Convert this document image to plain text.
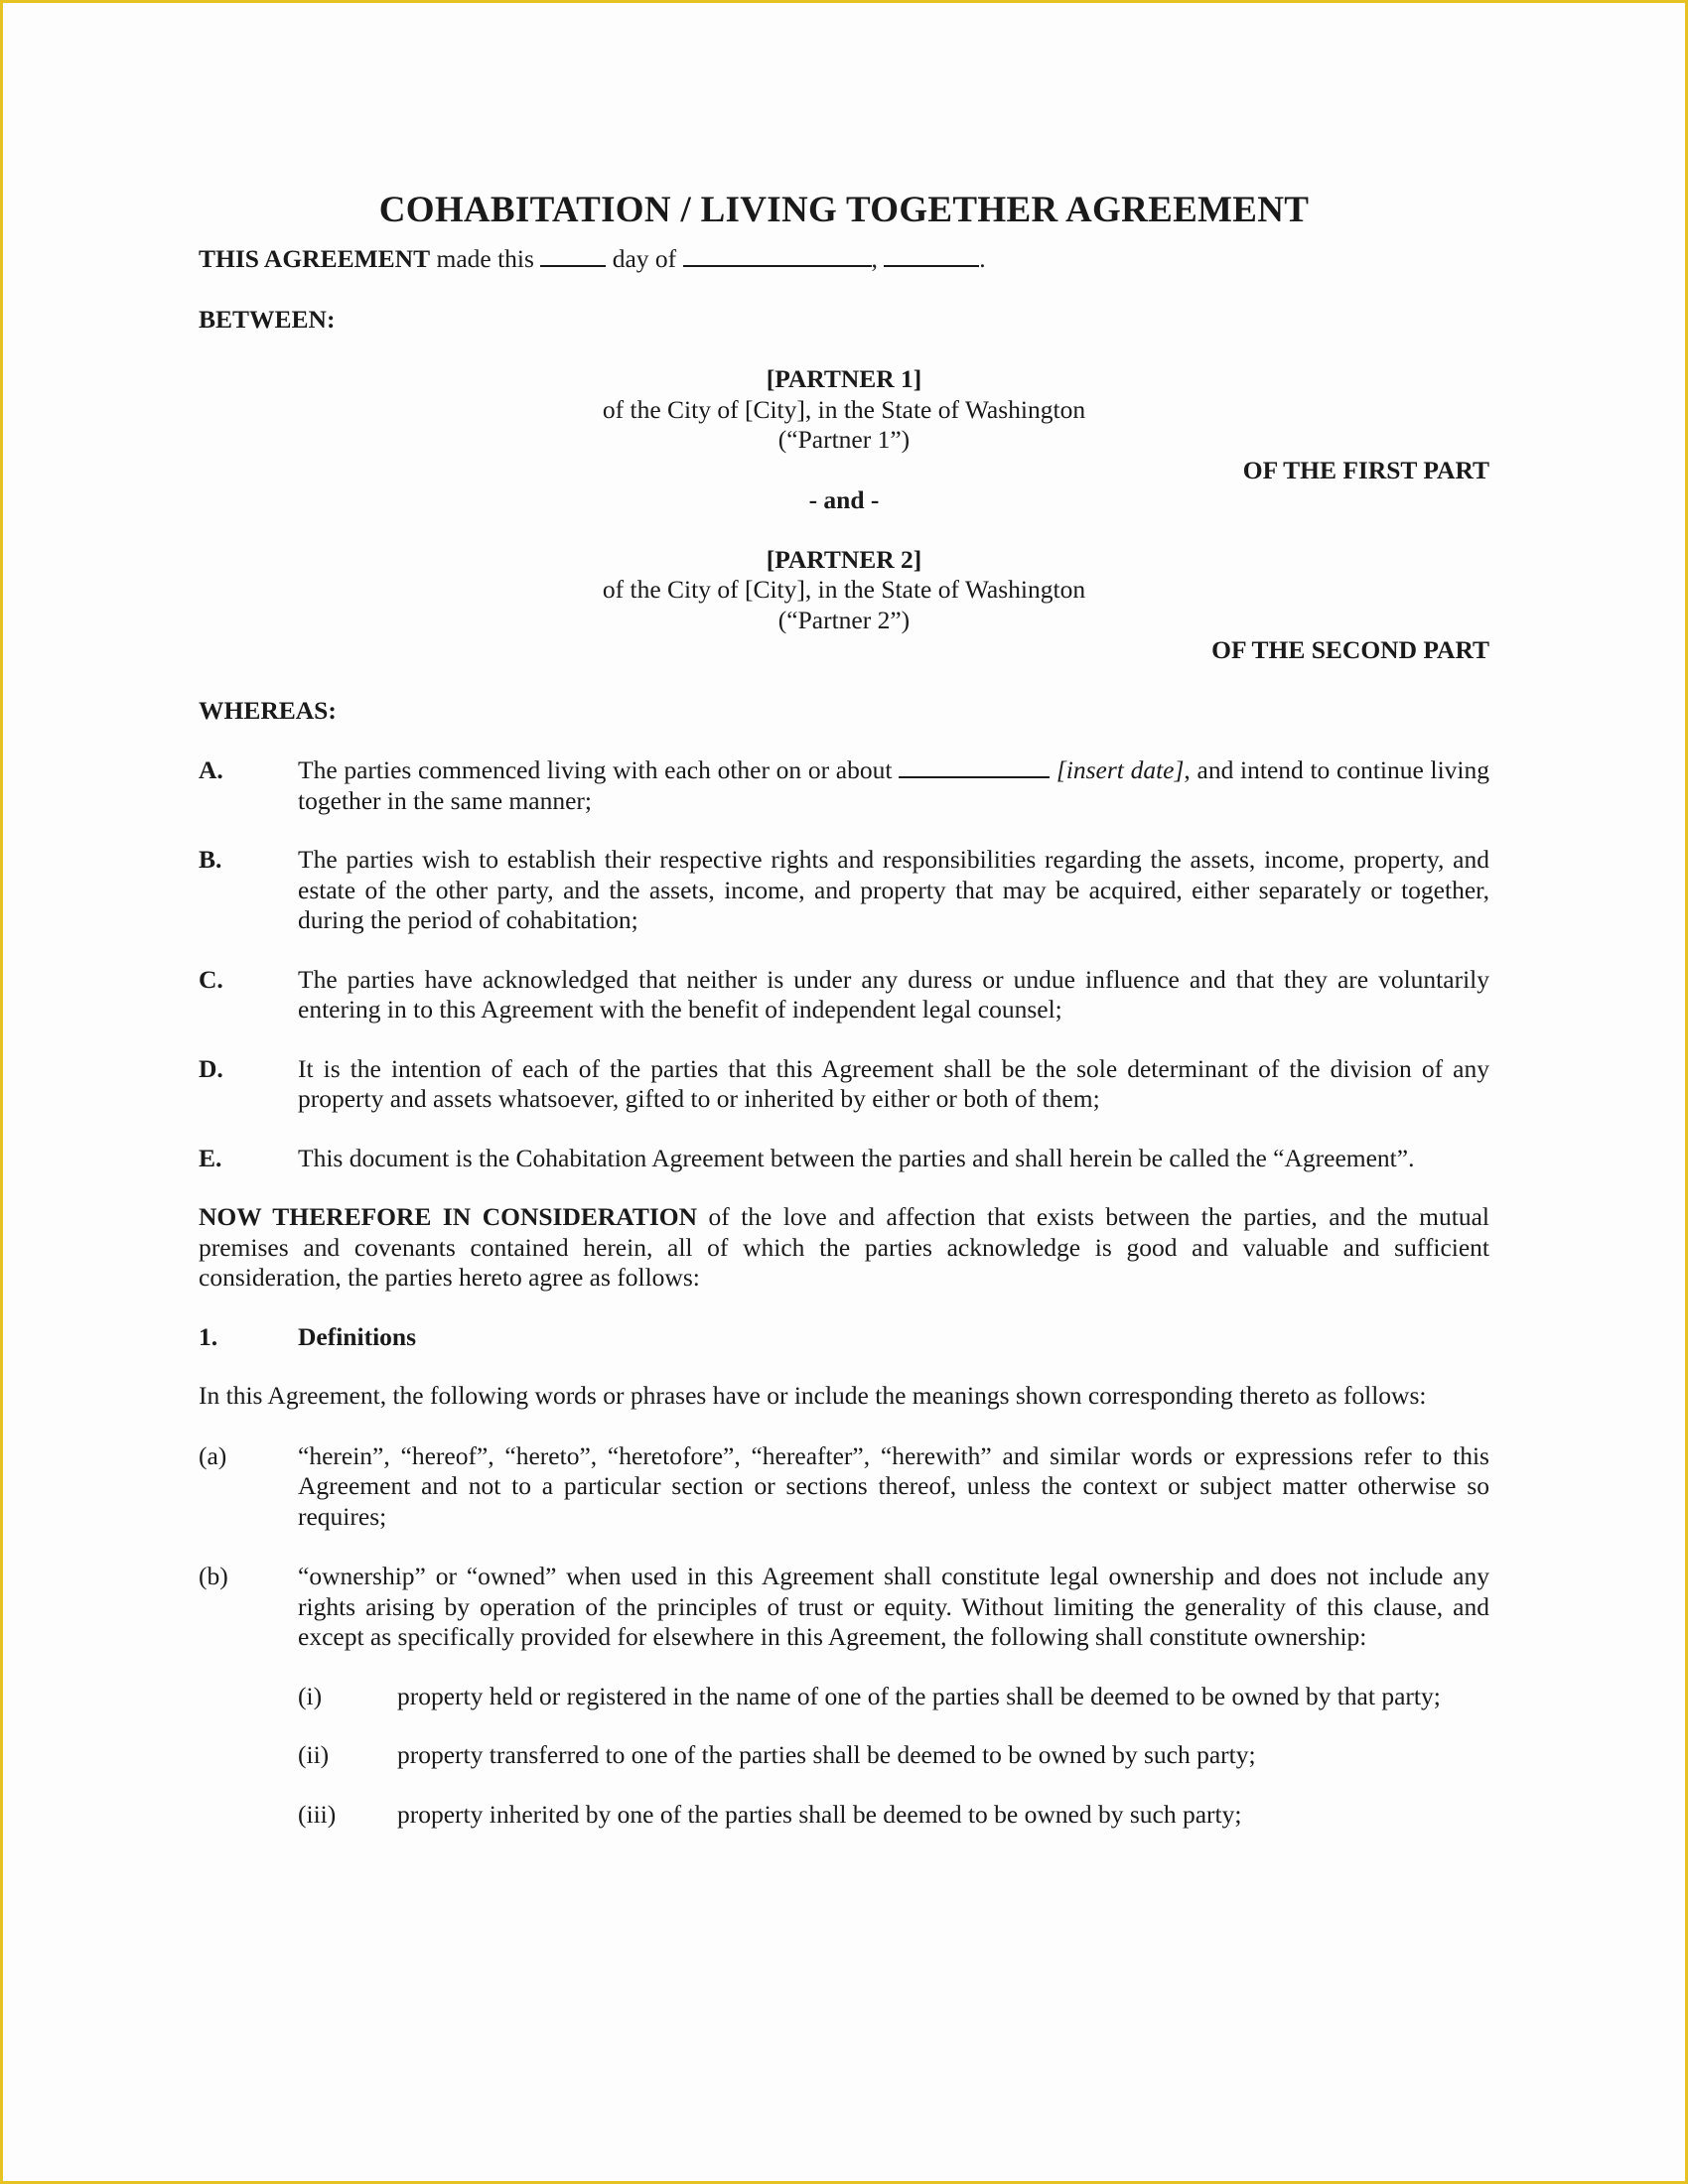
COHABITATION / LIVING TOGETHER AGREEMENT

THIS AGREEMENT made this	day of	,	.

BETWEEN:

[PARTNER 1]

of the City of [City], in the State of Washington

(“Partner 1”)

OF THE FIRST PART

- and -

[PARTNER 2]

of the City of [City], in the State of Washington

(“Partner 2”)

OF THE SECOND PART

WHEREAS:

A.	The parties commenced living with each other on or about	[insert date], and intend to continue living together in the same manner;
B.	The parties wish to establish their respective rights and responsibilities regarding the assets, income, property, and estate of the other party, and the assets, income, and property that may be acquired, either separately or together, during the period of cohabitation;
C.	The parties have acknowledged that neither is under any duress or undue influence and that they are voluntarily entering in to this Agreement with the benefit of independent legal counsel;
D.	It is the intention of each of the parties that this Agreement shall be the sole determinant of the division of any property and assets whatsoever, gifted to or inherited by either or both of them;
E.	This document is the Cohabitation Agreement between the parties and shall herein be called the “Agreement”.

NOW THEREFORE IN CONSIDERATION of the love and affection that exists between the parties, and the mutual premises and covenants contained herein, all of which the parties acknowledge is good and valuable and sufficient consideration, the parties hereto agree as follows:

1.	Definitions

In this Agreement, the following words or phrases have or include the meanings shown corresponding thereto as follows:

(a)	“herein”, “hereof”, “hereto”, “heretofore”, “hereafter”, “herewith” and similar words or expressions refer to this Agreement and not to a particular section or sections thereof, unless the context or subject matter otherwise so requires;
(b)	“ownership” or “owned” when used in this Agreement shall constitute legal ownership and does not include any rights arising by operation of the principles of trust or equity. Without limiting the generality of this clause, and except as specifically provided for elsewhere in this Agreement, the following shall constitute ownership:
(i)	property held or registered in the name of one of the parties shall be deemed to be owned by that party;
(ii)	property transferred to one of the parties shall be deemed to be owned by such party;
(iii)	property inherited by one of the parties shall be deemed to be owned by such party;
